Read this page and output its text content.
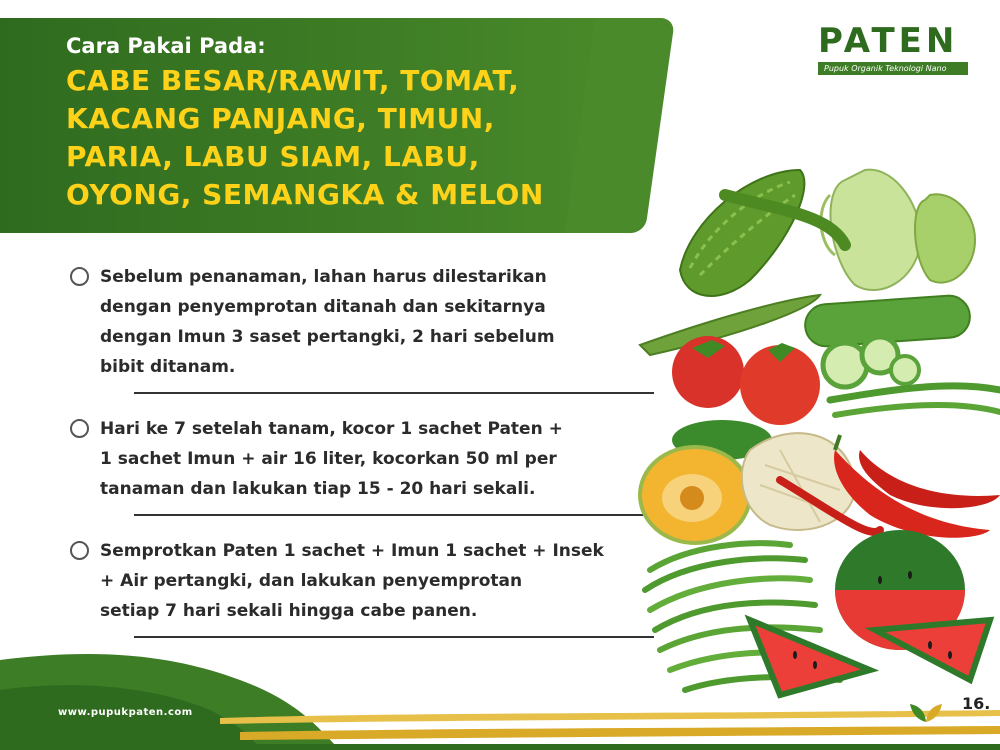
Cara Pakai Pada:
CABE BESAR/RAWIT, TOMAT,
KACANG PANJANG, TIMUN,
PARIA, LABU SIAM, LABU,
OYONG, SEMANGKA & MELON
PATEN
Pupuk Organik Teknologi Nano
Sebelum penanaman, lahan harus dilestarikan
dengan penyemprotan ditanah dan sekitarnya
dengan Imun 3 saset pertangki, 2 hari sebelum
bibit ditanam.
Hari ke 7 setelah tanam, kocor 1 sachet Paten +
1 sachet Imun + air 16 liter, kocorkan 50 ml per
tanaman dan lakukan tiap 15 - 20 hari sekali.
Semprotkan Paten 1 sachet + Imun 1 sachet + Insek
+ Air pertangki, dan lakukan penyemprotan
setiap 7 hari sekali hingga cabe panen.
www.pupukpaten.com	16.
